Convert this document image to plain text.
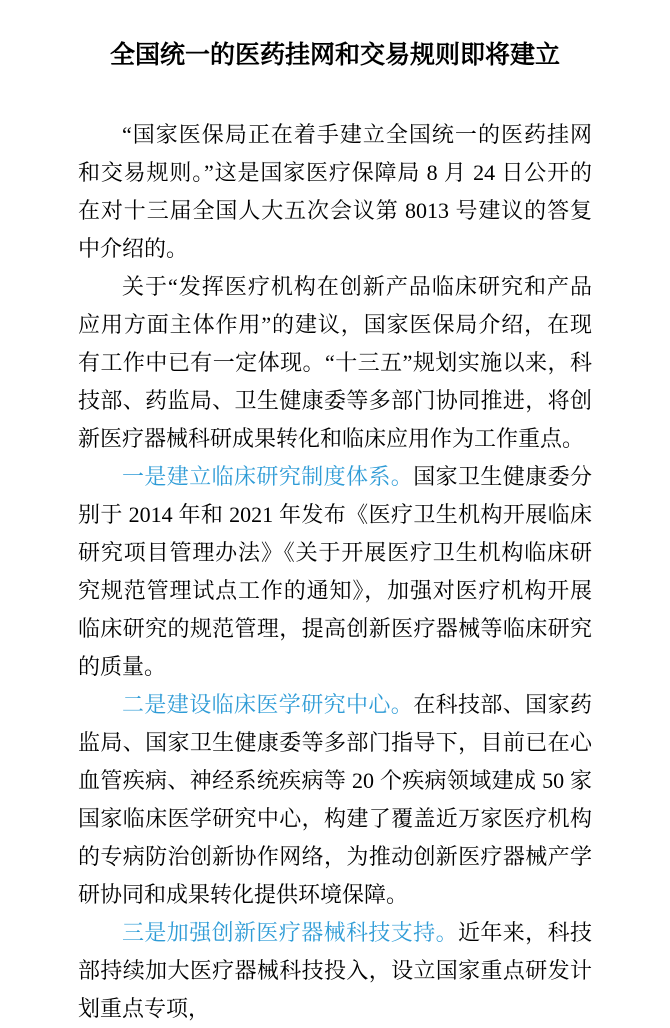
全国统一的医药挂网和交易规则即将建立

“国家医保局正在着手建立全国统一的医药挂网和交易规则。”这是国家医疗保障局 8 月 24 日公开的在对十三届全国人大五次会议第 8013 号建议的答复中介绍的。

关于“发挥医疗机构在创新产品临床研究和产品应用方面主体作用”的建议，国家医保局介绍，在现有工作中已有一定体现。“十三五”规划实施以来，科技部、药监局、卫生健康委等多部门协同推进，将创新医疗器械科研成果转化和临床应用作为工作重点。

一是建立临床研究制度体系。国家卫生健康委分别于 2014 年和 2021 年发布《医疗卫生机构开展临床研究项目管理办法》《关于开展医疗卫生机构临床研究规范管理试点工作的通知》，加强对医疗机构开展临床研究的规范管理，提高创新医疗器械等临床研究的质量。

二是建设临床医学研究中心。在科技部、国家药监局、国家卫生健康委等多部门指导下，目前已在心血管疾病、神经系统疾病等 20 个疾病领域建成 50 家国家临床医学研究中心，构建了覆盖近万家医疗机构的专病防治创新协作网络，为推动创新医疗器械产学研协同和成果转化提供环境保障。

三是加强创新医疗器械科技支持。近年来，科技部持续加大医疗器械科技投入，设立国家重点研发计划重点专项，
